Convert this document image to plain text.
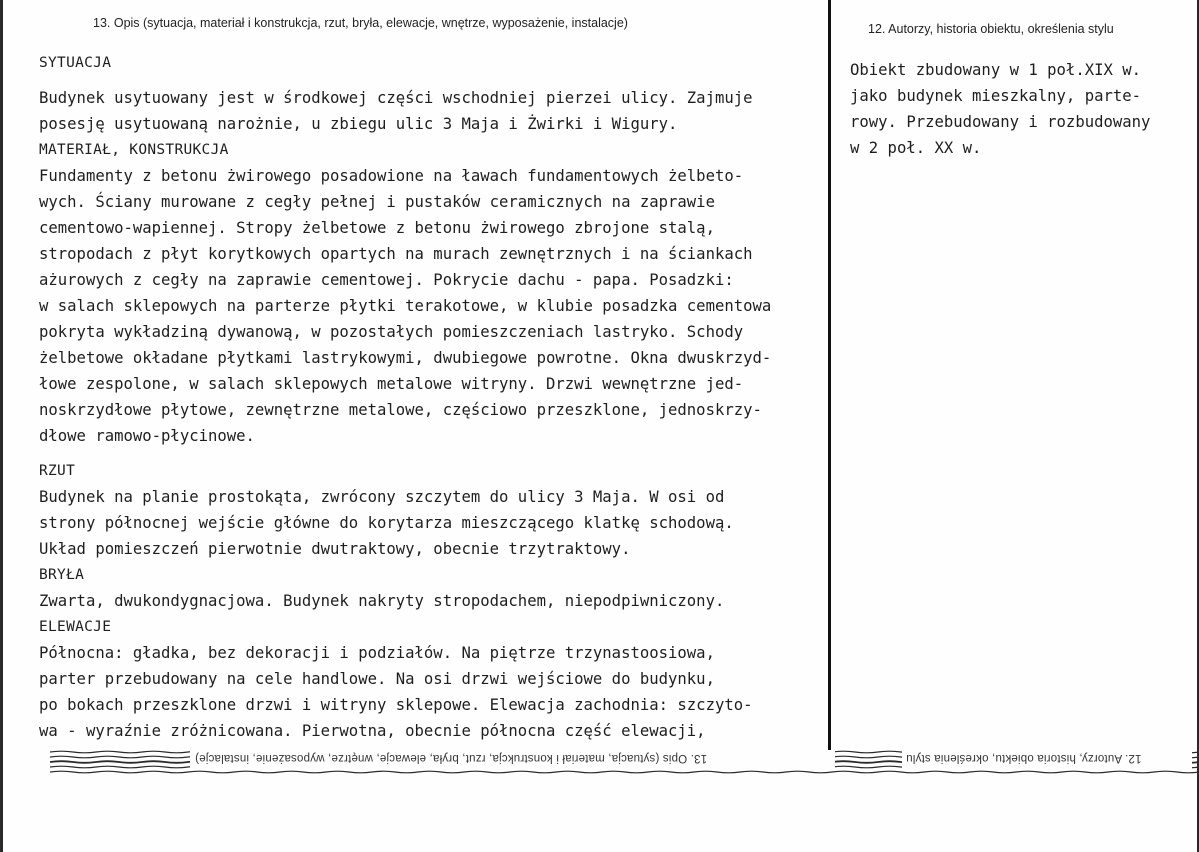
13. Opis (sytuacja, materiał i konstrukcja, rzut, bryła, elewacje, wnętrze, wyposażenie, instalacje)	12. Autorzy, historia obiektu, określenia stylu
SYTUACJA
Budynek usytuowany jest w środkowej części wschodniej pierzei ulicy. Zajmuje
posesję usytuowaną narożnie, u zbiegu ulic 3 Maja i Żwirki i Wigury.
MATERIAŁ, KONSTRUKCJA
Fundamenty z betonu żwirowego posadowione na ławach fundamentowych żelbeto-
wych. Ściany murowane z cegły pełnej i pustaków ceramicznych na zaprawie
cementowo-wapiennej. Stropy żelbetowe z betonu żwirowego zbrojone stalą,
stropodach z płyt korytkowych opartych na murach zewnętrznych i na ściankach
ażurowych z cegły na zaprawie cementowej. Pokrycie dachu - papa. Posadzki:
w salach sklepowych na parterze płytki terakotowe, w klubie posadzka cementowa
pokryta wykładziną dywanową, w pozostałych pomieszczeniach lastryko. Schody
żelbetowe okładane płytkami lastrykowymi, dwubiegowe powrotne. Okna dwuskrzyd-
łowe zespolone, w salach sklepowych metalowe witryny. Drzwi wewnętrzne jed-
noskrzydłowe płytowe, zewnętrzne metalowe, częściowo przeszklone, jednoskrzy-
dłowe ramowo-płycinowe.
RZUT
Budynek na planie prostokąta, zwrócony szczytem do ulicy 3 Maja. W osi od
strony północnej wejście główne do korytarza mieszczącego klatkę schodową.
Układ pomieszczeń pierwotnie dwutraktowy, obecnie trzytraktowy.
BRYŁA
Zwarta, dwukondygnacjowa. Budynek nakryty stropodachem, niepodpiwniczony.
ELEWACJE
Północna: gładka, bez dekoracji i podziałów. Na piętrze trzynastoosiowa,
parter przebudowany na cele handlowe. Na osi drzwi wejściowe do budynku,
po bokach przeszklone drzwi i witryny sklepowe. Elewacja zachodnia: szczyto-
wa - wyraźnie zróżnicowana. Pierwotna, obecnie północna część elewacji,
Obiekt zbudowany w 1 poł.XIX w.
jako budynek mieszkalny, parte-
rowy. Przebudowany i rozbudowany
w 2 poł. XX w.
13. Opis (sytuacja, materiał i konstrukcja, rzut, bryła, elewacje, wnętrze, wyposażenie, instalacje)	12. Autorzy, historia obiektu, określenia stylu
